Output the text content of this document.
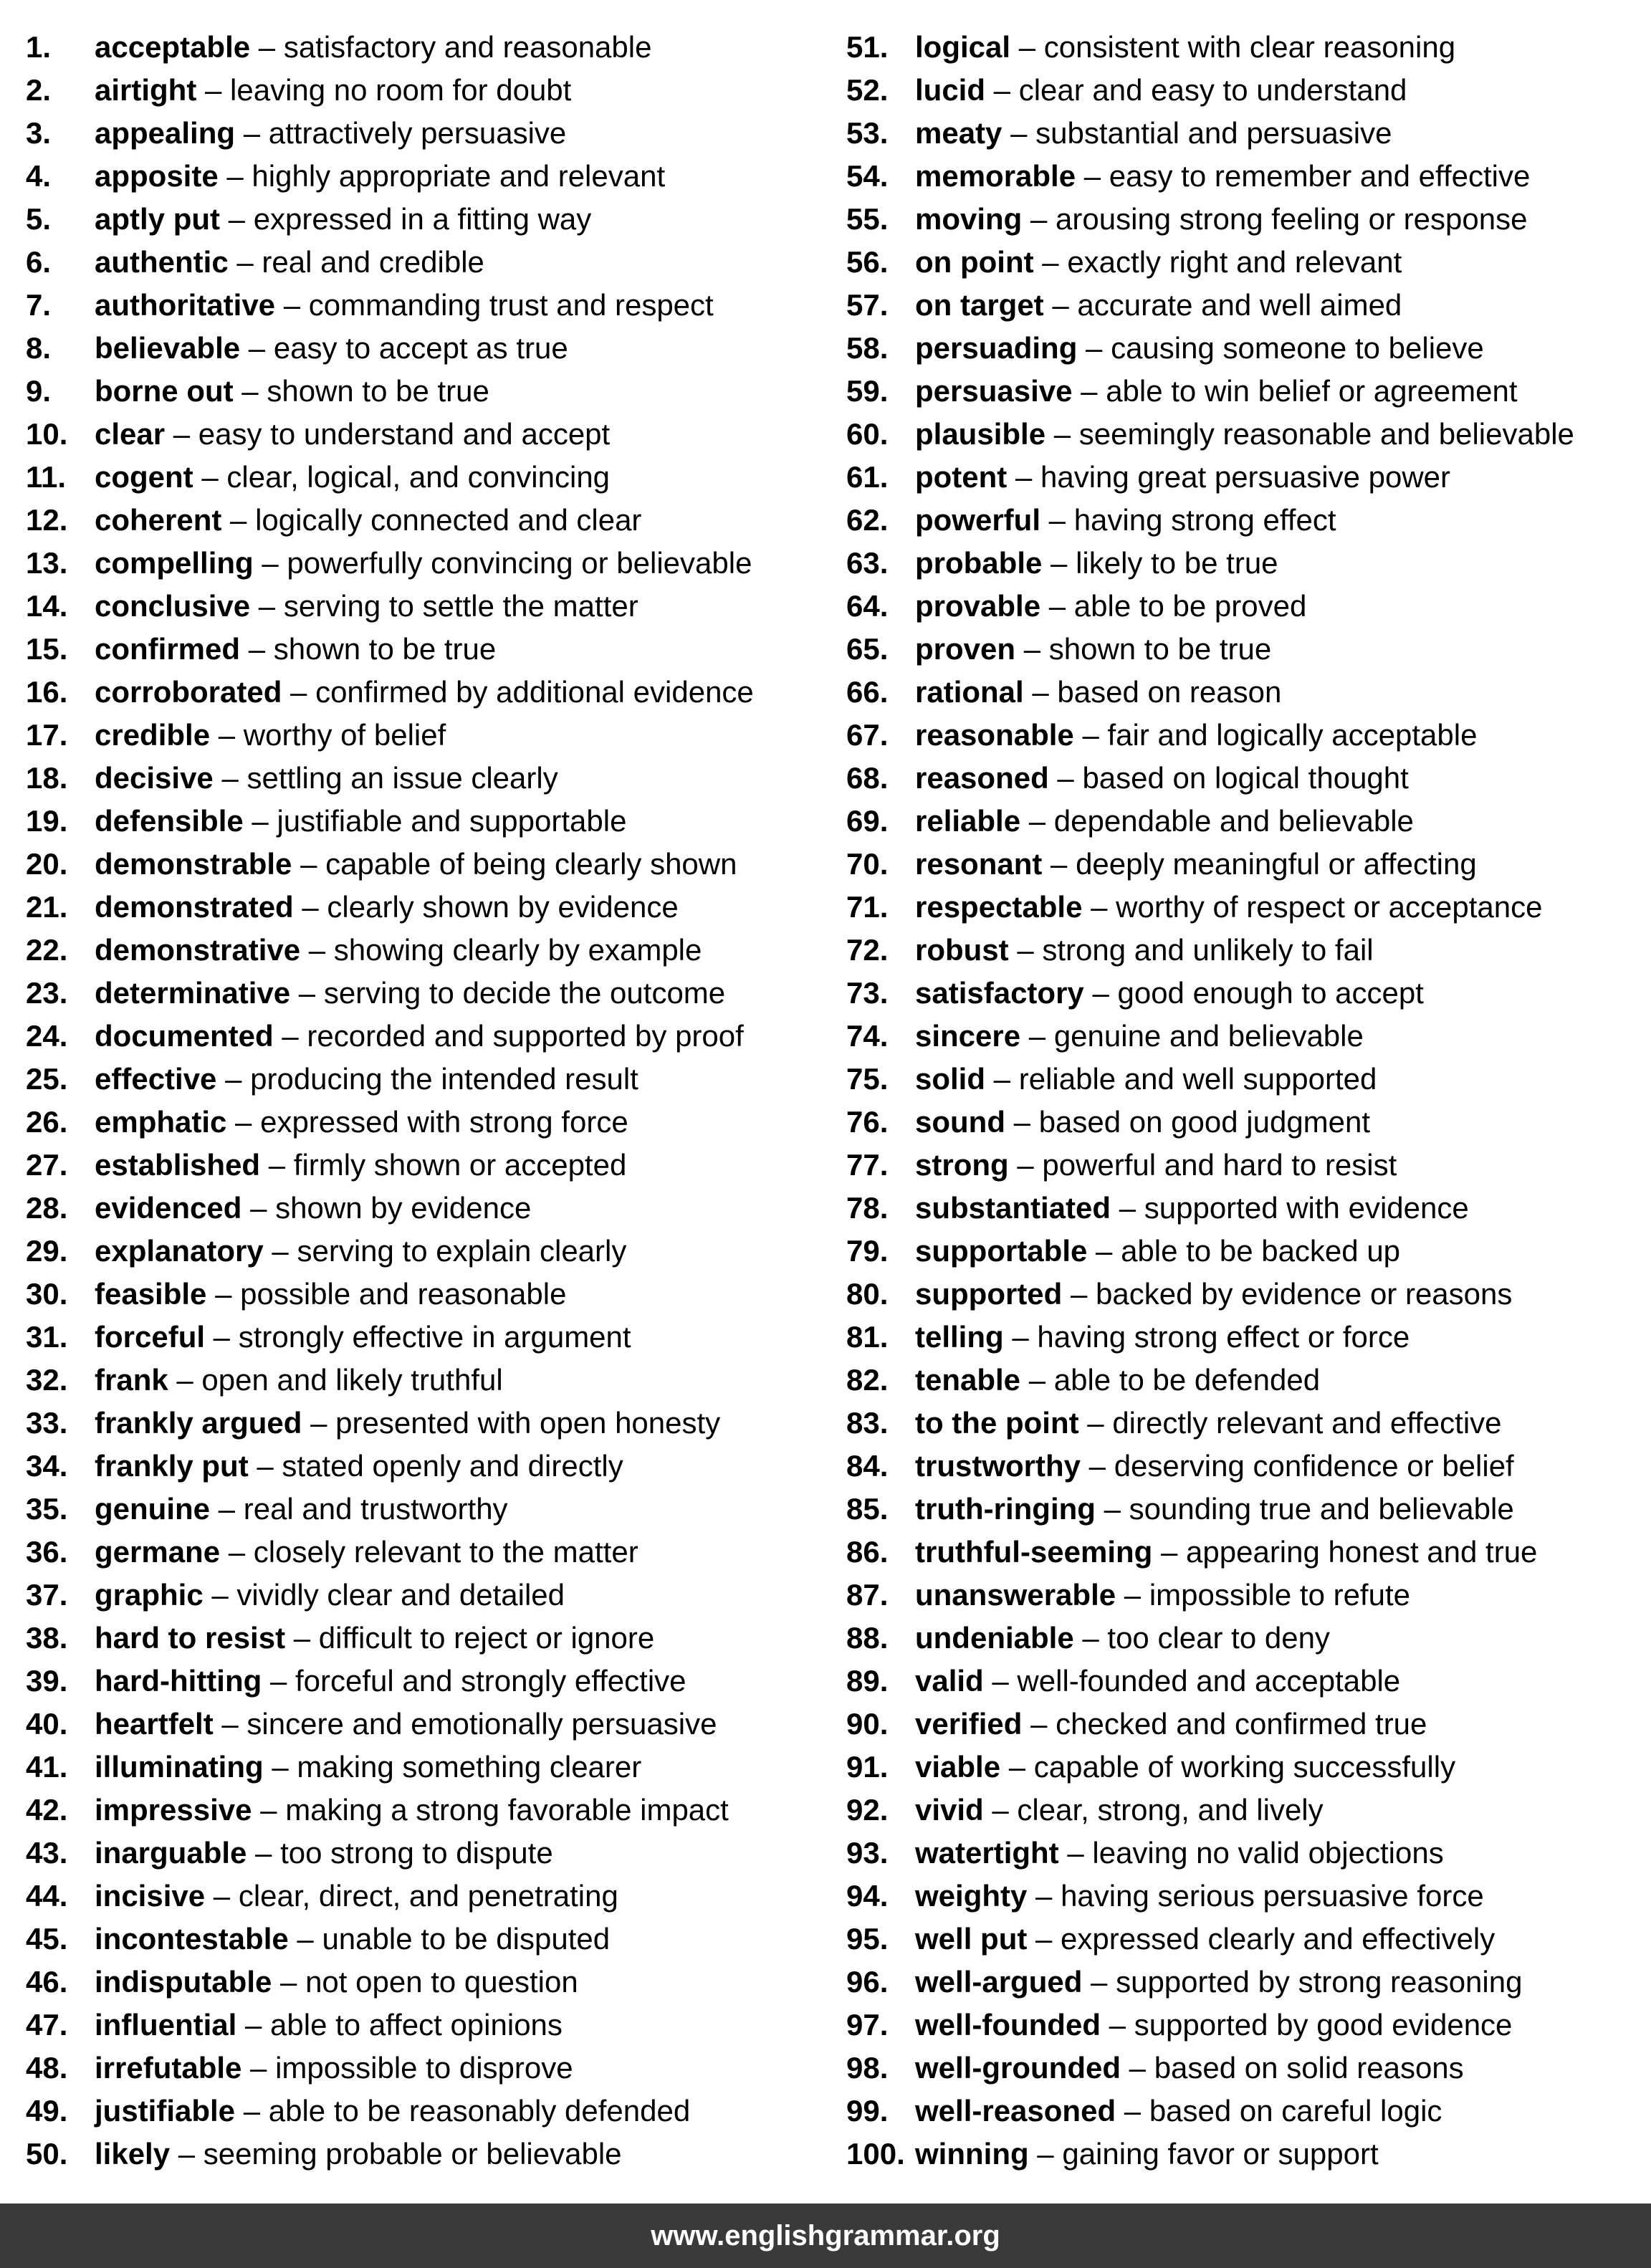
1.	acceptable – satisfactory and reasonable
2.	airtight – leaving no room for doubt
3.	appealing – attractively persuasive
4.	apposite – highly appropriate and relevant
5.	aptly put – expressed in a fitting way
6.	authentic – real and credible
7.	authoritative – commanding trust and respect
8.	believable – easy to accept as true
9.	borne out – shown to be true
10. clear – easy to understand and accept
11. cogent – clear, logical, and convincing
12. coherent – logically connected and clear
13. compelling – powerfully convincing or believable
14. conclusive – serving to settle the matter
15. confirmed – shown to be true
16. corroborated – confirmed by additional evidence
17. credible – worthy of belief
18. decisive – settling an issue clearly
19. defensible – justifiable and supportable
20. demonstrable – capable of being clearly shown
21. demonstrated – clearly shown by evidence
22. demonstrative – showing clearly by example
23. determinative – serving to decide the outcome
24. documented – recorded and supported by proof
25. effective – producing the intended result
26. emphatic – expressed with strong force
27. established – firmly shown or accepted
28. evidenced – shown by evidence
29. explanatory – serving to explain clearly
30. feasible – possible and reasonable
31. forceful – strongly effective in argument
32. frank – open and likely truthful
33. frankly argued – presented with open honesty
34. frankly put – stated openly and directly
35. genuine – real and trustworthy
36. germane – closely relevant to the matter
37. graphic – vividly clear and detailed
38. hard to resist – difficult to reject or ignore
39. hard-hitting – forceful and strongly effective
40. heartfelt – sincere and emotionally persuasive
41. illuminating – making something clearer
42. impressive – making a strong favorable impact
43. inarguable – too strong to dispute
44. incisive – clear, direct, and penetrating
45. incontestable – unable to be disputed
46. indisputable – not open to question
47. influential – able to affect opinions
48. irrefutable – impossible to disprove
49. justifiable – able to be reasonably defended
50. likely – seeming probable or believable
51. logical – consistent with clear reasoning
52. lucid – clear and easy to understand
53. meaty – substantial and persuasive
54. memorable – easy to remember and effective
55. moving – arousing strong feeling or response
56. on point – exactly right and relevant
57. on target – accurate and well aimed
58. persuading – causing someone to believe
59. persuasive – able to win belief or agreement
60. plausible – seemingly reasonable and believable
61. potent – having great persuasive power
62. powerful – having strong effect
63. probable – likely to be true
64. provable – able to be proved
65. proven – shown to be true
66. rational – based on reason
67. reasonable – fair and logically acceptable
68. reasoned – based on logical thought
69. reliable – dependable and believable
70. resonant – deeply meaningful or affecting
71. respectable – worthy of respect or acceptance
72. robust – strong and unlikely to fail
73. satisfactory – good enough to accept
74. sincere – genuine and believable
75. solid – reliable and well supported
76. sound – based on good judgment
77. strong – powerful and hard to resist
78. substantiated – supported with evidence
79. supportable – able to be backed up
80. supported – backed by evidence or reasons
81. telling – having strong effect or force
82. tenable – able to be defended
83. to the point – directly relevant and effective
84. trustworthy – deserving confidence or belief
85. truth-ringing – sounding true and believable
86. truthful-seeming – appearing honest and true
87. unanswerable – impossible to refute
88. undeniable – too clear to deny
89. valid – well-founded and acceptable
90. verified – checked and confirmed true
91. viable – capable of working successfully
92. vivid – clear, strong, and lively
93. watertight – leaving no valid objections
94. weighty – having serious persuasive force
95. well put – expressed clearly and effectively
96. well-argued – supported by strong reasoning
97. well-founded – supported by good evidence
98. well-grounded – based on solid reasons
99. well-reasoned – based on careful logic
100. winning – gaining favor or support
www.englishgrammar.org
